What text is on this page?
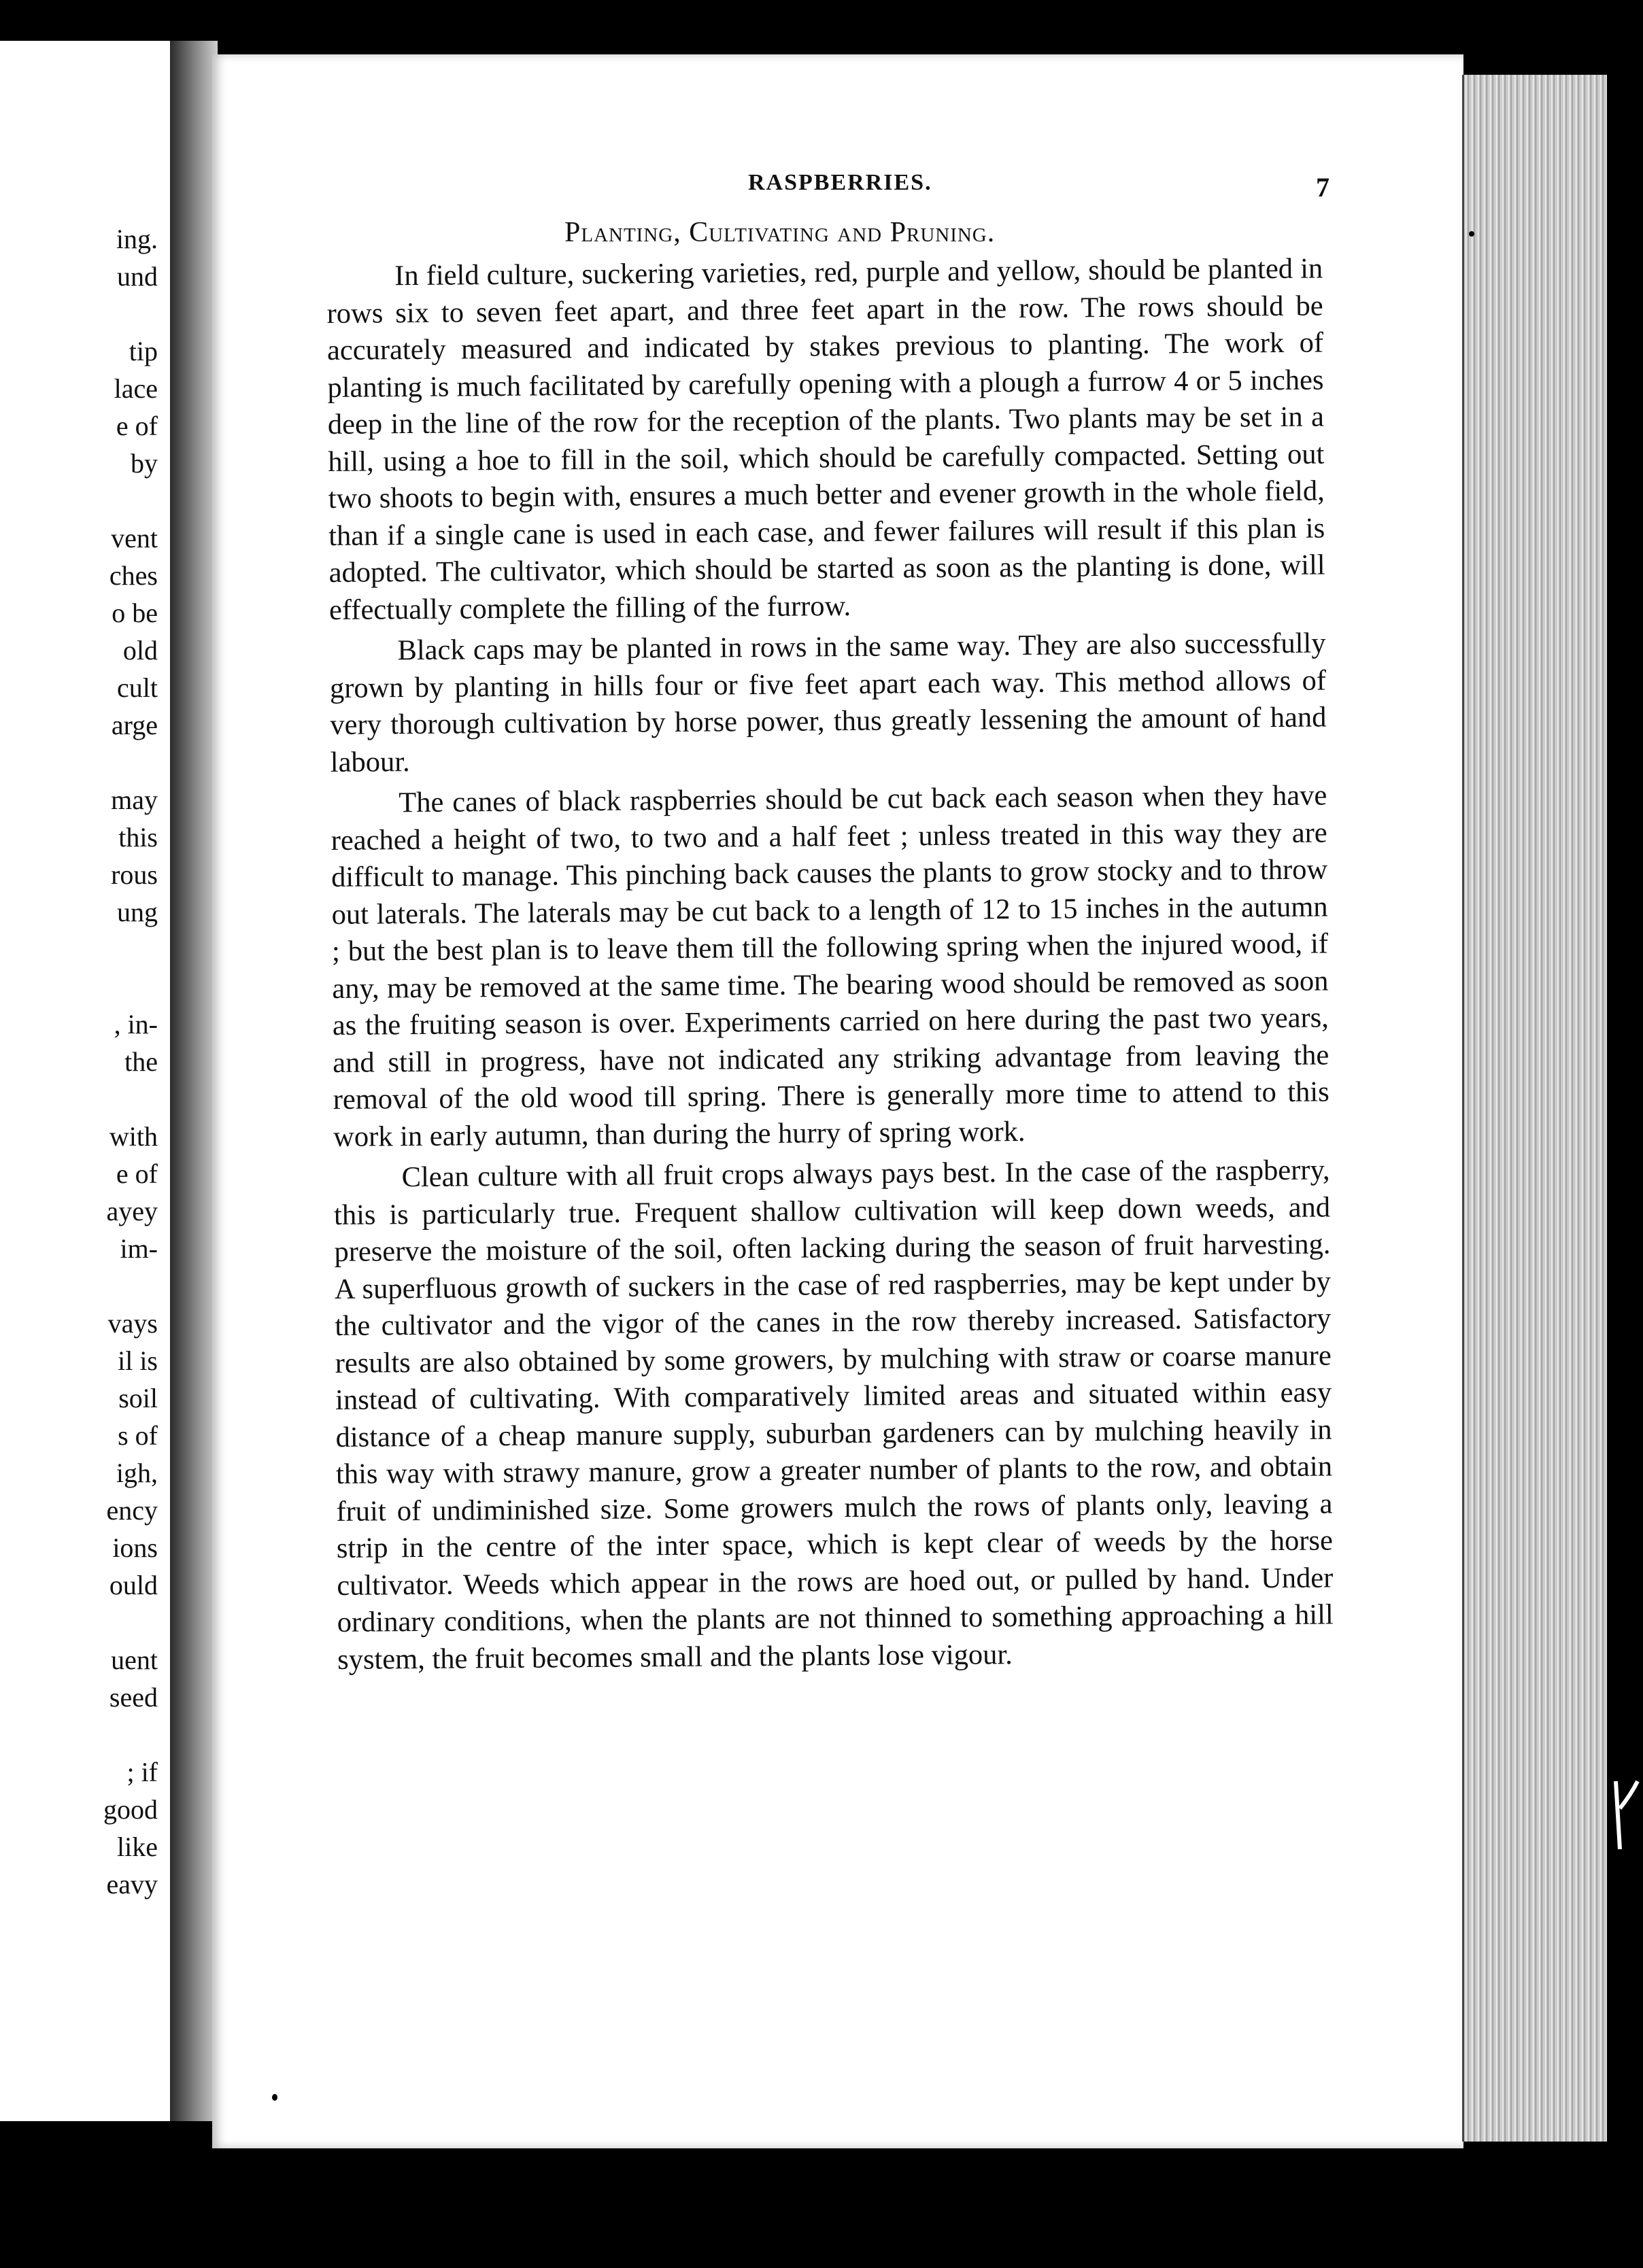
ing.
und
tip
lace
e of
by
vent
ches
o be
old
cult
arge
may
this
rous
ung
, in-
the
with
e of
ayey
im-
vays
il is
soil
s of
igh,
ency
ions
ould
uent
seed
; if
good
like
eavy
RASPBERRIES.	7
Planting, Cultivating and Pruning.

In field culture, suckering varieties, red, purple and yellow, should be planted in rows six to seven feet apart, and three feet apart in the row. The rows should be accurately measured and indicated by stakes previous to planting. The work of planting is much facilitated by carefully opening with a plough a furrow 4 or 5 inches deep in the line of the row for the reception of the plants. Two plants may be set in a hill, using a hoe to fill in the soil, which should be carefully compacted. Setting out two shoots to begin with, ensures a much better and evener growth in the whole field, than if a single cane is used in each case, and fewer failures will result if this plan is adopted. The cultivator, which should be started as soon as the planting is done, will effectually complete the filling of the furrow.

Black caps may be planted in rows in the same way. They are also successfully grown by planting in hills four or five feet apart each way. This method allows of very thorough cultivation by horse power, thus greatly lessening the amount of hand labour.

The canes of black raspberries should be cut back each season when they have reached a height of two, to two and a half feet ; unless treated in this way they are difficult to manage. This pinching back causes the plants to grow stocky and to throw out laterals. The laterals may be cut back to a length of 12 to 15 inches in the autumn ; but the best plan is to leave them till the following spring when the injured wood, if any, may be removed at the same time. The bearing wood should be removed as soon as the fruiting season is over. Experiments carried on here during the past two years, and still in progress, have not indicated any striking advantage from leaving the removal of the old wood till spring. There is generally more time to attend to this work in early autumn, than during the hurry of spring work.

Clean culture with all fruit crops always pays best. In the case of the raspberry, this is particularly true. Frequent shallow cultivation will keep down weeds, and preserve the moisture of the soil, often lacking during the season of fruit harvesting. A superfluous growth of suckers in the case of red raspberries, may be kept under by the cultivator and the vigor of the canes in the row thereby increased. Satisfactory results are also obtained by some growers, by mulching with straw or coarse manure instead of cultivating. With comparatively limited areas and situated within easy distance of a cheap manure supply, suburban gardeners can by mulching heavily in this way with strawy manure, grow a greater number of plants to the row, and obtain fruit of undiminished size. Some growers mulch the rows of plants only, leaving a strip in the centre of the inter space, which is kept clear of weeds by the horse cultivator. Weeds which appear in the rows are hoed out, or pulled by hand. Under ordinary conditions, when the plants are not thinned to something approaching a hill system, the fruit becomes small and the plants lose vigour.
